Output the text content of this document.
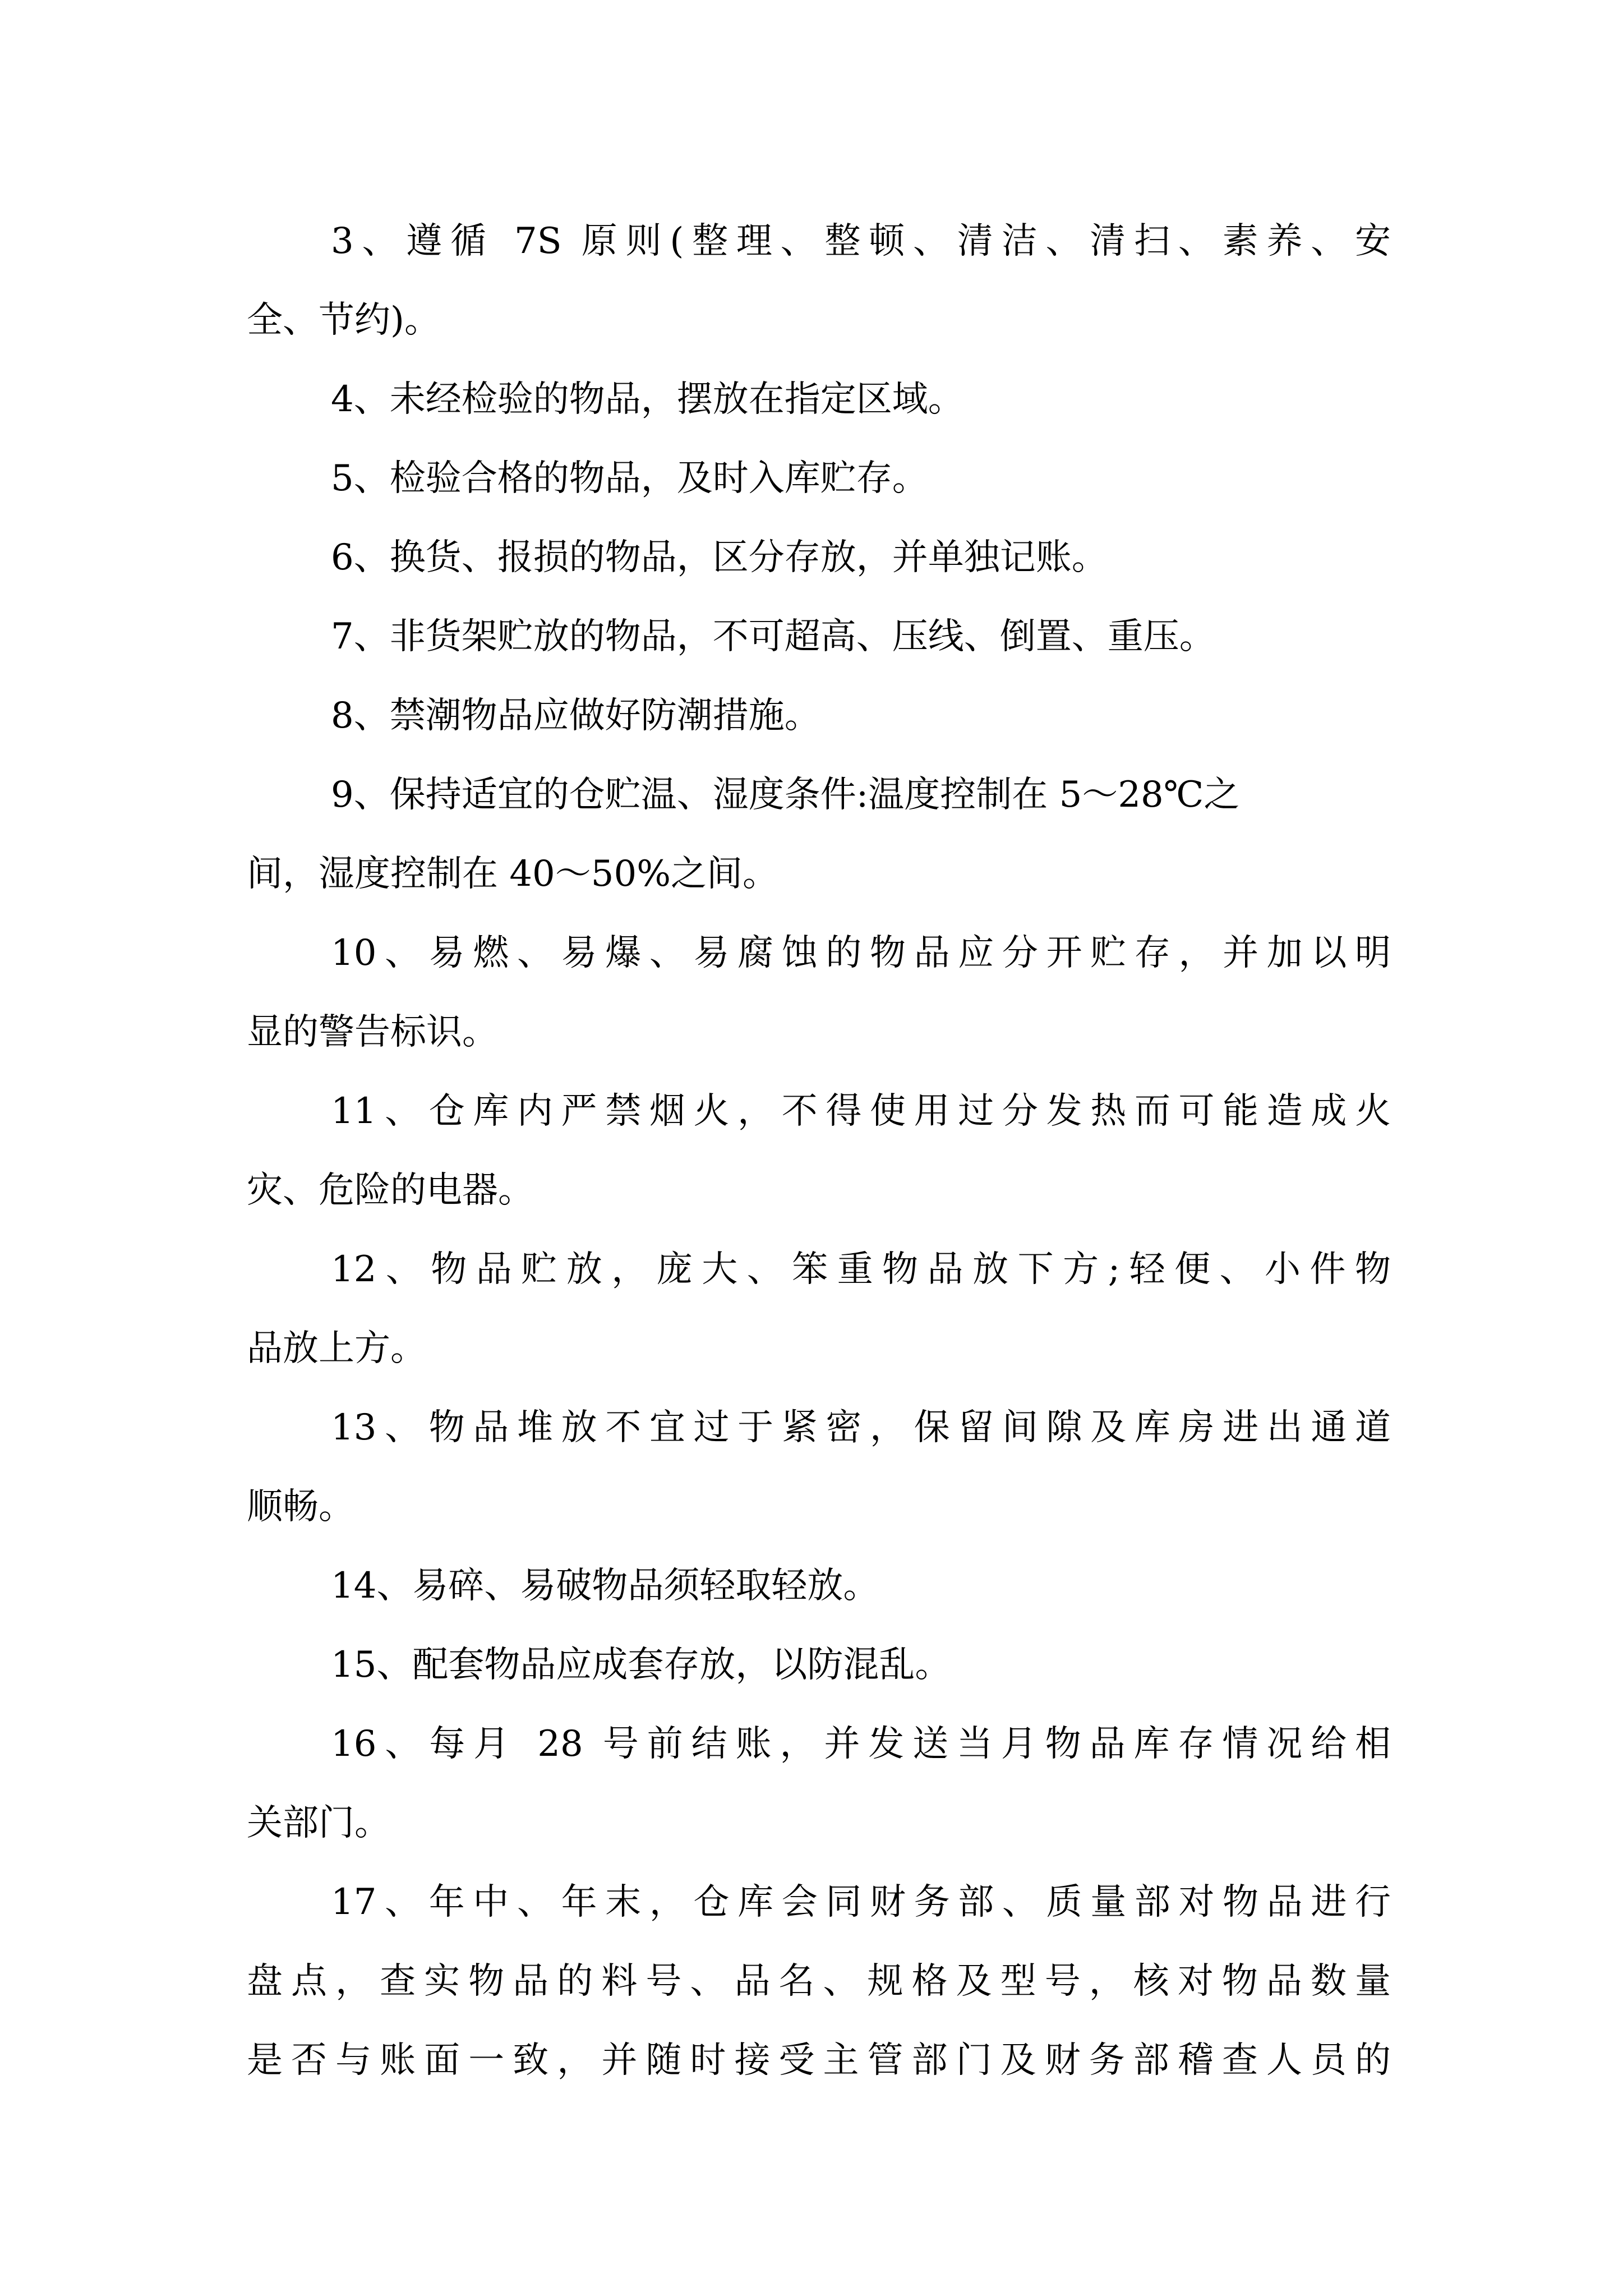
3、遵循 7S 原则(整理、整顿、清洁、清扫、素养、安
全、节约)。
4、未经检验的物品，摆放在指定区域。
5、检验合格的物品，及时入库贮存。
6、换货、报损的物品，区分存放，并单独记账。
7、非货架贮放的物品，不可超高、压线、倒置、重压。
8、禁潮物品应做好防潮措施。
9、保持适宜的仓贮温、湿度条件:温度控制在 5～28℃之
间，湿度控制在 40～50%之间。
10、易燃、易爆、易腐蚀的物品应分开贮存，并加以明
显的警告标识。
11、仓库内严禁烟火，不得使用过分发热而可能造成火
灾、危险的电器。
12、物品贮放，庞大、笨重物品放下方;轻便、小件物
品放上方。
13、物品堆放不宜过于紧密，保留间隙及库房进出通道
顺畅。
14、易碎、易破物品须轻取轻放。
15、配套物品应成套存放，以防混乱。
16、每月 28 号前结账，并发送当月物品库存情况给相
关部门。
17、年中、年末，仓库会同财务部、质量部对物品进行
盘点，查实物品的料号、品名、规格及型号，核对物品数量
是否与账面一致，并随时接受主管部门及财务部稽查人员的
